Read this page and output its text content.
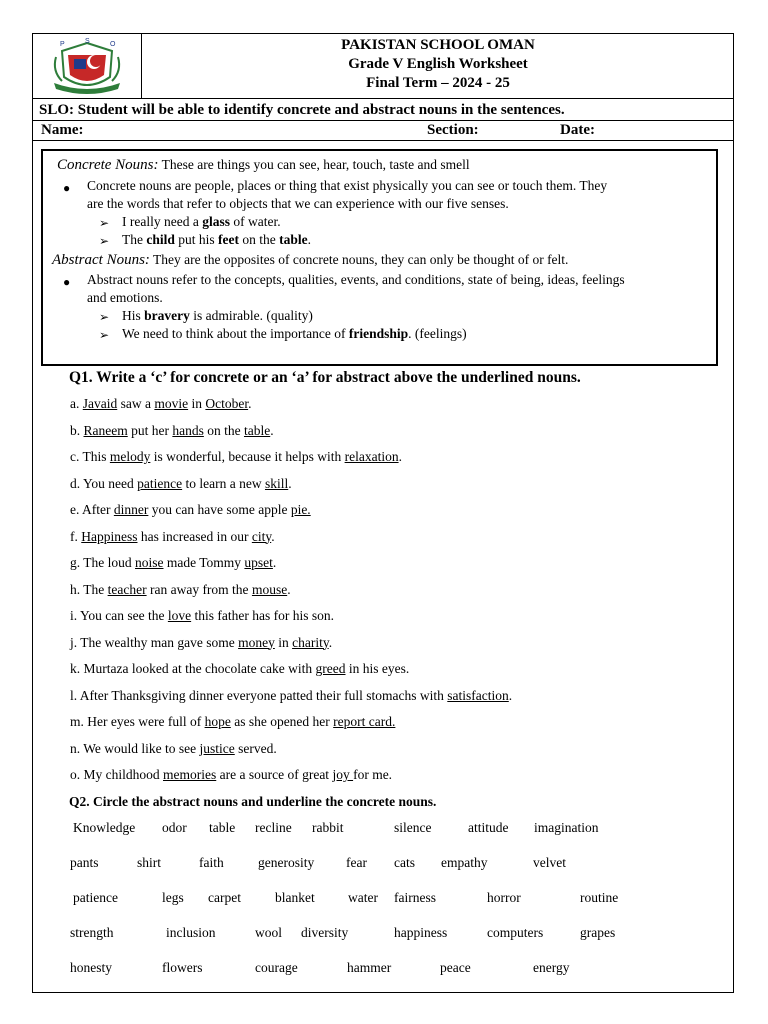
P	S	O	PAKISTAN SCHOOL OMAN
Grade V English Worksheet
Final Term – 2024 - 25
SLO: Student will be able to identify concrete and abstract nouns in the sentences.
Name:	Section:	Date:
Concrete Nouns: These are things you can see, hear, touch, taste and smell
● Concrete nouns are people, places or thing that exist physically you can see or touch them. They
are the words that refer to objects that we can experience with our five senses.
➢ I really need a glass of water.
➢ The child put his feet on the table.
Abstract Nouns: They are the opposites of concrete nouns, they can only be thought of or felt.
● Abstract nouns refer to the concepts, qualities, events, and conditions, state of being, ideas, feelings
and emotions.
➢ His bravery is admirable. (quality)
➢ We need to think about the importance of friendship. (feelings)
Q1. Write a ‘c’ for concrete or an ‘a’ for abstract above the underlined nouns.
a. Javaid saw a movie in October.
b. Raneem put her hands on the table.
c. This melody is wonderful, because it helps with relaxation.
d. You need patience to learn a new skill.
e. After dinner you can have some apple pie.
f. Happiness has increased in our city.
g. The loud noise made Tommy upset.
h. The teacher ran away from the mouse.
i. You can see the love this father has for his son.
j. The wealthy man gave some money in charity.
k. Murtaza looked at the chocolate cake with greed in his eyes.
l. After Thanksgiving dinner everyone patted their full stomachs with satisfaction.
m. Her eyes were full of hope as she opened her report card.
n. We would like to see justice served.
o. My childhood memories are a source of great joy for me.
Q2. Circle the abstract nouns and underline the concrete nouns.
Knowledge odor table recline rabbit	silence	attitude imagination
pants	shirt	faith	generosity fear cats empathy	velvet
patience	legs carpet	blanket water fairness	horror	routine
strength	inclusion	wool diversity	happiness	computers	grapes
honesty	flowers	courage	hammer	peace	energy
